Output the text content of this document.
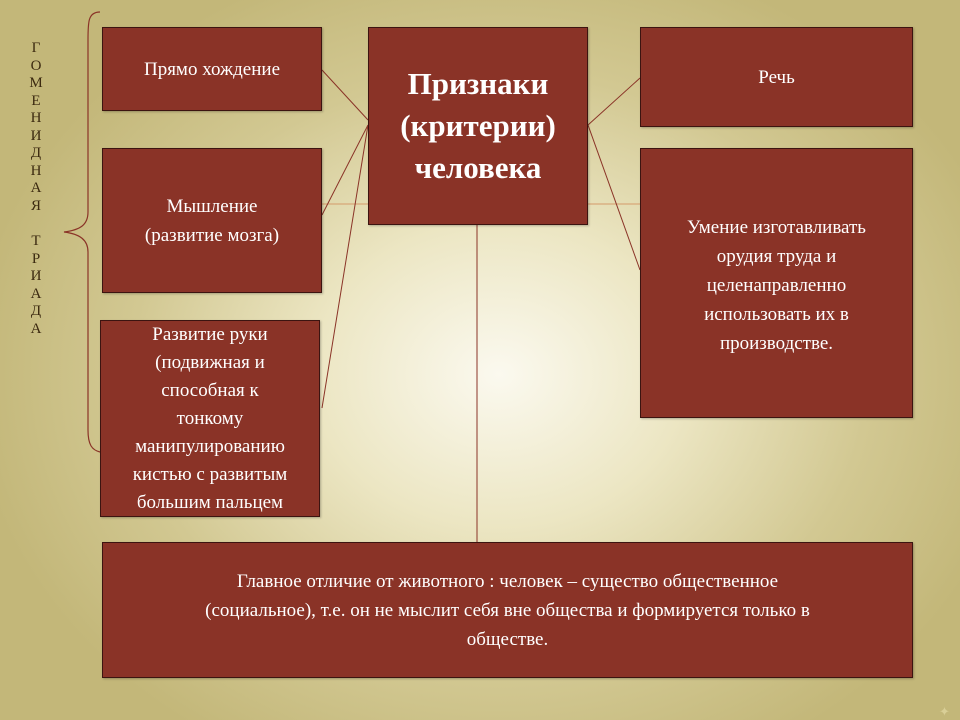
Г
О
М
Е
Н
И
Д
Н
А
Я
Т
Р
И
А
Д
А
Прямо хождение
Мышление
(развитие мозга)
Развитие руки
(подвижная и
способная к
тонкому
манипулированию
кистью с развитым
большим пальцем
Признаки
(критерии)
человека
Речь
Умение изготавливать
орудия труда и
целенаправленно
использовать их в
производстве.
Главное отличие от животного : человек – существо общественное
(социальное), т.е. он не мыслит себя вне общества и формируется только в
обществе.
✦
